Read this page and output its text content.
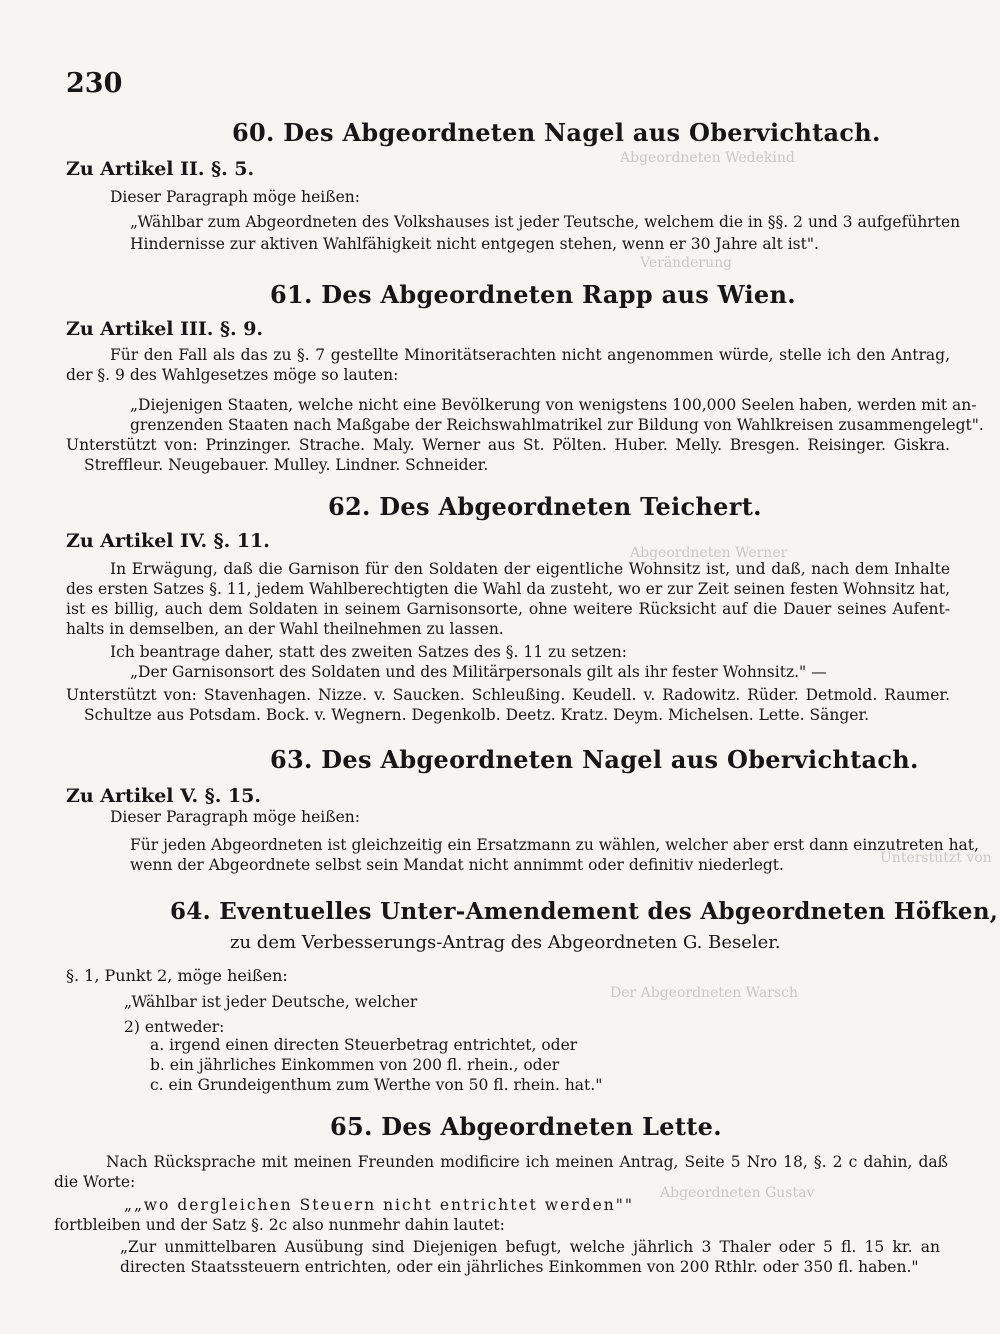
Abgeordneten Wedekind
Veränderung
Abgeordneten Werner
Unterstützt von
Der Abgeordneten Warsch
Abgeordneten Gustav
230
60. Des Abgeordneten Nagel aus Obervichtach.
Zu Artikel II. §. 5.
Dieser Paragraph möge heißen:
„Wählbar zum Abgeordneten des Volkshauses ist jeder Teutsche, welchem die in §§. 2 und 3 aufgeführten
Hindernisse zur aktiven Wahlfähigkeit nicht entgegen stehen, wenn er 30 Jahre alt ist".
61. Des Abgeordneten Rapp aus Wien.
Zu Artikel III. §. 9.
Für den Fall als das zu §. 7 gestellte Minoritätserachten nicht angenommen würde, stelle ich den Antrag,
der §. 9 des Wahlgesetzes möge so lauten:
„Diejenigen Staaten, welche nicht eine Bevölkerung von wenigstens 100,000 Seelen haben, werden mit an-
grenzenden Staaten nach Maßgabe der Reichswahlmatrikel zur Bildung von Wahlkreisen zusammengelegt".
Unterstützt von: Prinzinger. Strache. Maly. Werner aus St. Pölten. Huber. Melly. Bresgen. Reisinger. Giskra.
Streffleur. Neugebauer. Mulley. Lindner. Schneider.
62. Des Abgeordneten Teichert.
Zu Artikel IV. §. 11.
In Erwägung, daß die Garnison für den Soldaten der eigentliche Wohnsitz ist, und daß, nach dem Inhalte
des ersten Satzes §. 11, jedem Wahlberechtigten die Wahl da zusteht, wo er zur Zeit seinen festen Wohnsitz hat,
ist es billig, auch dem Soldaten in seinem Garnisonsorte, ohne weitere Rücksicht auf die Dauer seines Aufent-
halts in demselben, an der Wahl theilnehmen zu lassen.
Ich beantrage daher, statt des zweiten Satzes des §. 11 zu setzen:
„Der Garnisonsort des Soldaten und des Militärpersonals gilt als ihr fester Wohnsitz." —
Unterstützt von: Stavenhagen. Nizze. v. Saucken. Schleußing. Keudell. v. Radowitz. Rüder. Detmold. Raumer.
Schultze aus Potsdam. Bock. v. Wegnern. Degenkolb. Deetz. Kratz. Deym. Michelsen. Lette. Sänger.
63. Des Abgeordneten Nagel aus Obervichtach.
Zu Artikel V. §. 15.
Dieser Paragraph möge heißen:
Für jeden Abgeordneten ist gleichzeitig ein Ersatzmann zu wählen, welcher aber erst dann einzutreten hat,
wenn der Abgeordnete selbst sein Mandat nicht annimmt oder definitiv niederlegt.
64. Eventuelles Unter-Amendement des Abgeordneten Höfken,
zu dem Verbesserungs-Antrag des Abgeordneten G. Beseler.
§. 1, Punkt 2, möge heißen:
„Wählbar ist jeder Deutsche, welcher
2) entweder:
a. irgend einen directen Steuerbetrag entrichtet, oder
b. ein jährliches Einkommen von 200 fl. rhein., oder
c. ein Grundeigenthum zum Werthe von 50 fl. rhein. hat."
65. Des Abgeordneten Lette.
Nach Rücksprache mit meinen Freunden modificire ich meinen Antrag, Seite 5 Nro 18, §. 2 c dahin, daß
die Worte:
„„wo dergleichen Steuern nicht entrichtet werden""
fortbleiben und der Satz §. 2c also nunmehr dahin lautet:
„Zur unmittelbaren Ausübung sind Diejenigen befugt, welche jährlich 3 Thaler oder 5 fl. 15 kr. an
directen Staatssteuern entrichten, oder ein jährliches Einkommen von 200 Rthlr. oder 350 fl. haben."
